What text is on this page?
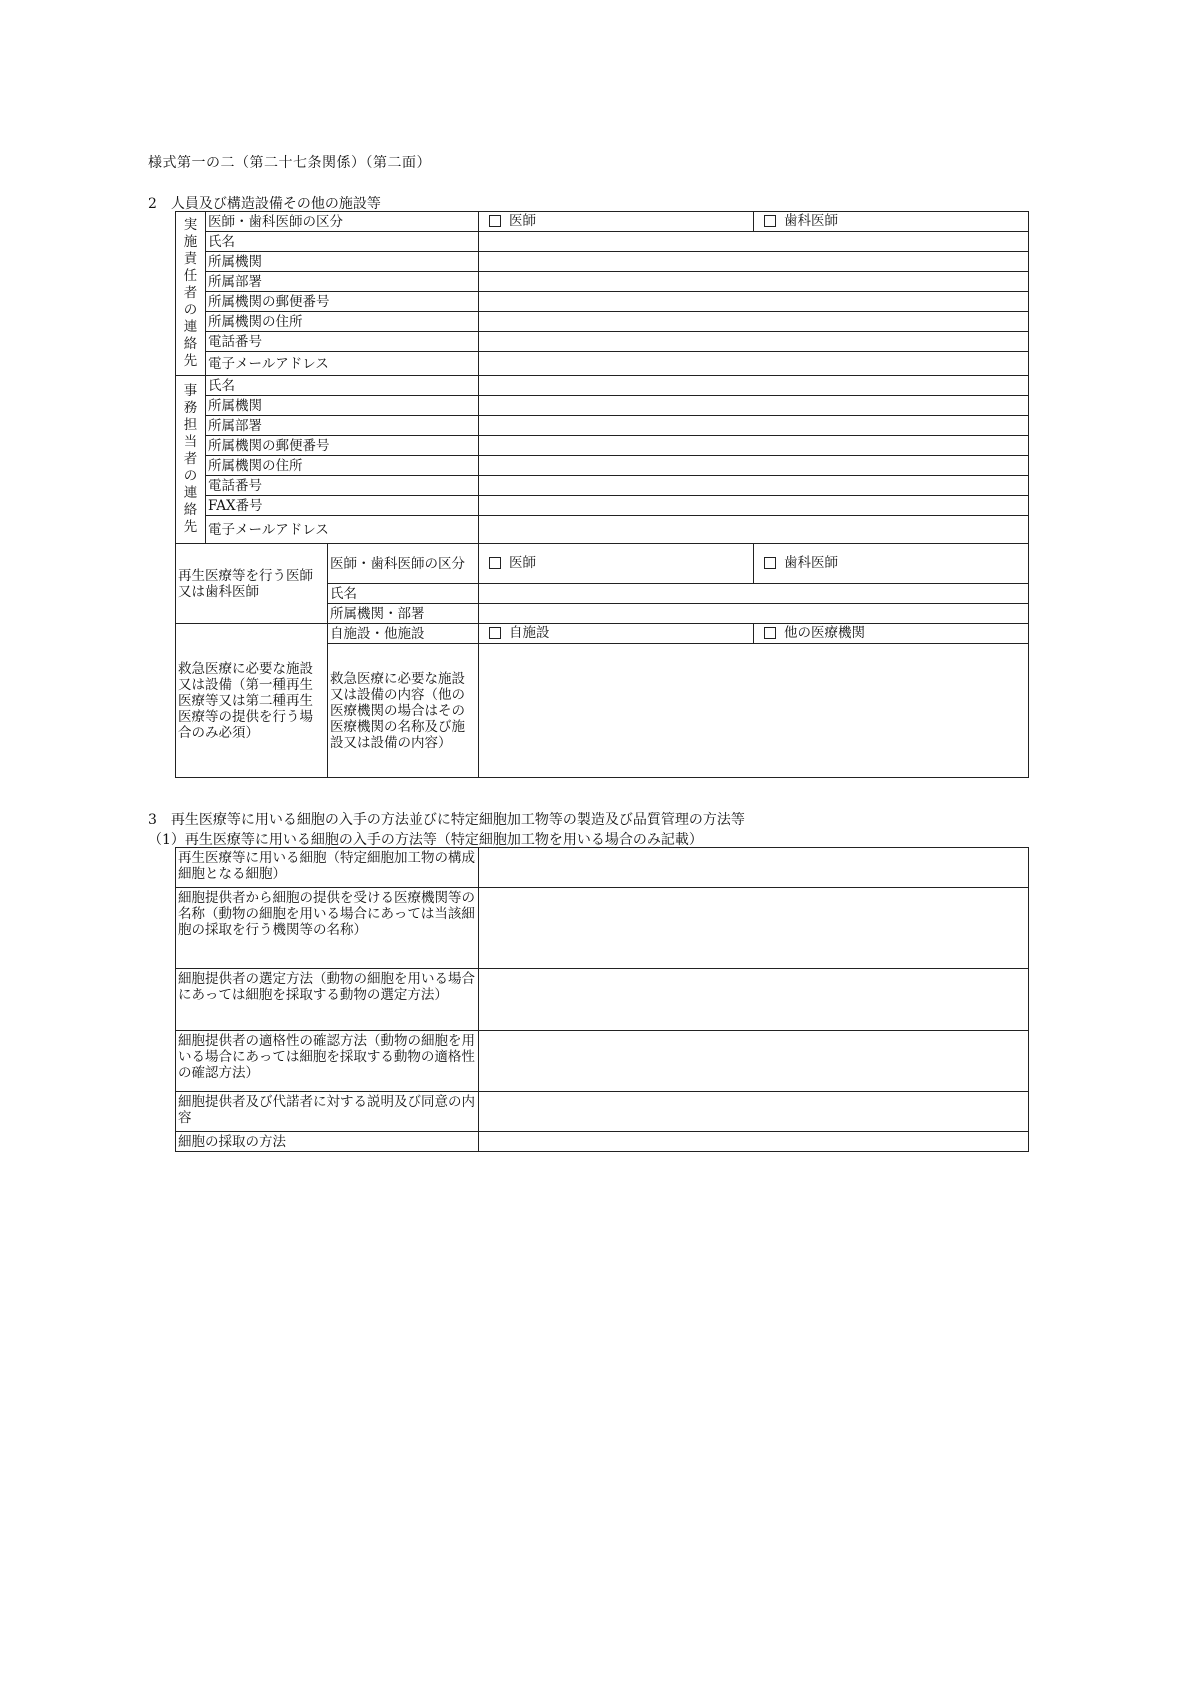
様式第一の二（第二十七条関係）（第二面）
2　人員及び構造設備その他の施設等
実施責任者の連絡先	医師・歯科医師の区分		医師	歯科医師

	氏名			
	所属機関			
	所属部署			
	所属機関の郵便番号			
	所属機関の住所			
	電話番号			
	電子メールアドレス			
事務担当者の連絡先	氏名			
	所属機関			
	所属部署			
	所属機関の郵便番号			
	所属機関の住所			
	電話番号			
	FAX番号			
	電子メールアドレス			
再生医療等を行う医師又は歯科医師		医師・歯科医師の区分	医師	歯科医師

		氏名		
		所属機関・部署		
救急医療に必要な施設又は設備（第一種再生医療等又は第二種再生医療等の提供を行う場合のみ必須）		自施設・他施設	自施設	他の医療機関

		救急医療に必要な施設又は設備の内容（他の医療機関の場合はその医療機関の名称及び施設又は設備の内容）		
3　再生医療等に用いる細胞の入手の方法並びに特定細胞加工物等の製造及び品質管理の方法等
（1）再生医療等に用いる細胞の入手の方法等（特定細胞加工物を用いる場合のみ記載）
再生医療等に用いる細胞（特定細胞加工物の構成細胞となる細胞）	
細胞提供者から細胞の提供を受ける医療機関等の名称（動物の細胞を用いる場合にあっては当該細胞の採取を行う機関等の名称）	
細胞提供者の選定方法（動物の細胞を用いる場合にあっては細胞を採取する動物の選定方法）	
細胞提供者の適格性の確認方法（動物の細胞を用いる場合にあっては細胞を採取する動物の適格性の確認方法）	
細胞提供者及び代諾者に対する説明及び同意の内容	
細胞の採取の方法	
